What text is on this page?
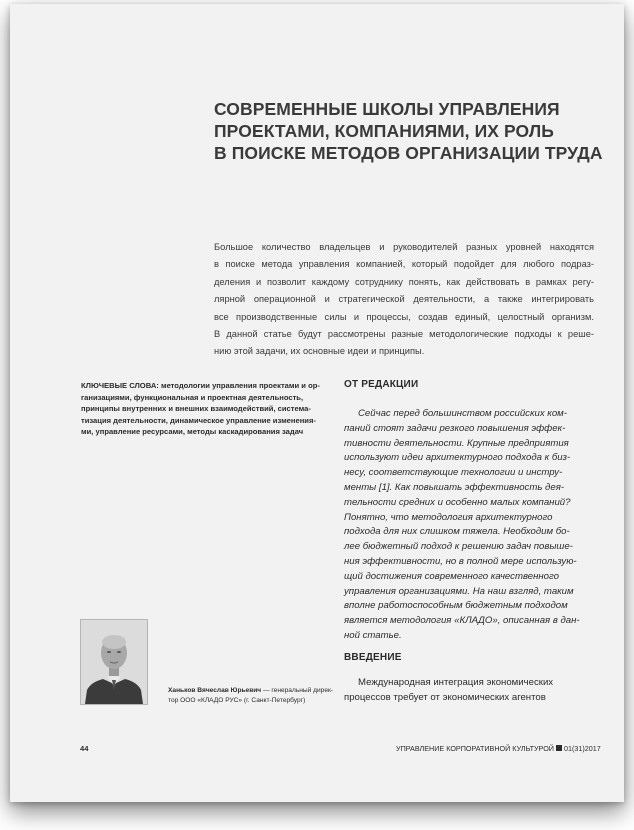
СОВРЕМЕННЫЕ ШКОЛЫ УПРАВЛЕНИЯ
ПРОЕКТАМИ, КОМПАНИЯМИ, ИХ РОЛЬ
В ПОИСКЕ МЕТОДОВ ОРГАНИЗАЦИИ ТРУДА

Большое количество владельцев и руководителей разных уровней находятся
в поиске метода управления компанией, который подойдет для любого подраз-
деления и позволит каждому сотруднику понять, как действовать в рамках регу-
лярной операционной и стратегической деятельности, а также интегрировать
все производственные силы и процессы, создав единый, целостный организм.
В данной статье будут рассмотрены разные методологические подходы к реше-
нию этой задачи, их основные идеи и принципы.

КЛЮЧЕВЫЕ СЛОВА: методологии управления проектами и ор-
ганизациями, функциональная и проектная деятельность,
принципы внутренних и внешних взаимодействий, система-
тизация деятельности, динамическое управление изменения-
ми, управление ресурсами, методы каскадирования задач

ОТ РЕДАКЦИИ

Сейчас перед большинством российских ком-
паний стоят задачи резкого повышения эффек-
тивности деятельности. Крупные предприятия
используют идеи архитектурного подхода к биз-
несу, соответствующие технологии и инстру-
менты [1]. Как повышать эффективность дея-
тельности средних и особенно малых компаний?
Понятно, что методология архитектурного
подхода для них слишком тяжела. Необходим бо-
лее бюджетный подход к решению задач повыше-
ния эффективности, но в полной мере использую-
щий достижения современного качественного
управления организациями. На наш взгляд, таким
вполне работоспособным бюджетным подходом
является методология «КЛАДО», описанная в дан-
ной статье.

ВВЕДЕНИЕ

Международная интеграция экономических
процессов требует от экономических агентов

Ханьков Вячеслав Юрьевич — генеральный дирек-
тор ООО «КЛАДО РУС» (г. Санкт-Петербург)

44	УПРАВЛЕНИЕ КОРПОРАТИВНОЙ КУЛЬТУРОЙ 01(31)2017
